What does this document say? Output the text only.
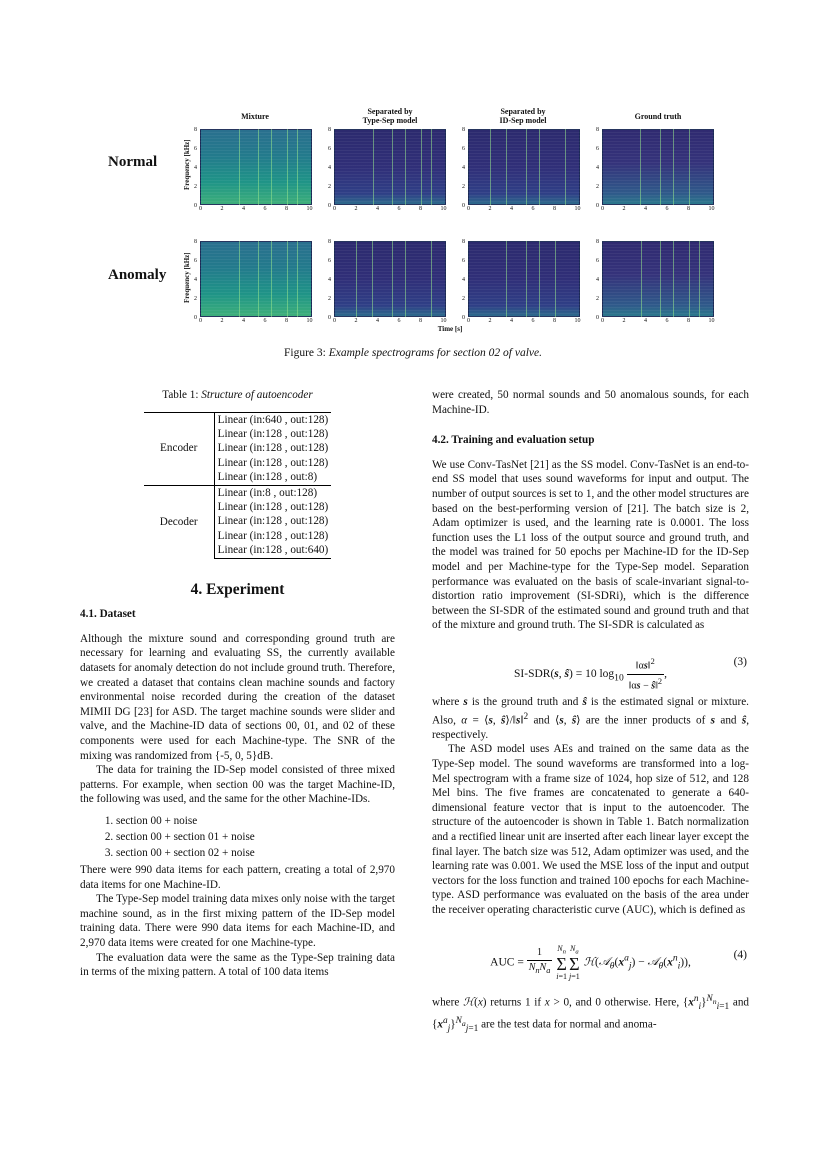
Mixture
Separated by
Type-Sep model
Separated by
ID-Sep model	Ground truth
Normal
Anomaly
Frequency [kHz]
Frequency [kHz]
8
6
4
2
0 0	2	4	6	8	10
8
6
4
2
0 0	2	4	6	8	10
8
6
4
2
0 0	2	4	6	8	10
8
6
4
2
0 0	2	4	6	8	10
8
6
4
2
0 0	2	4	6	8	10
8
6
4
2
0 0	2	4	6	8	10
8
6
4
2
0 0	2	4	6	8	10
8
6
4
2
0 0	2	4	6	8	10
Time [s]
Figure 3: Example spectrograms for section 02 of valve.
Table 1: Structure of autoencoder
Encoder	Linear (in:640 , out:128)
	Linear (in:128 , out:128)
	Linear (in:128 , out:128)
	Linear (in:128 , out:128)
	Linear (in:128 , out:8)
Decoder	Linear (in:8 , out:128)
	Linear (in:128 , out:128)
	Linear (in:128 , out:128)
	Linear (in:128 , out:128)
	Linear (in:128 , out:640)
4. Experiment
4.1. Dataset

Although the mixture sound and corresponding ground truth are necessary for learning and evaluating SS, the currently available datasets for anomaly detection do not include ground truth. Therefore, we created a dataset that contains clean machine sounds and factory environmental noise recorded during the creation of the dataset MIMII DG [23] for ASD. The target machine sounds were slider and valve, and the Machine-ID data of sections 00, 01, and 02 of these components were used for each Machine-type. The SNR of the mixing was randomized from {-5, 0, 5}dB.

The data for training the ID-Sep model consisted of three mixed patterns. For example, when section 00 was the target Machine-ID, the following was used, and the same for the other Machine-IDs.

1. section 00 + noise
2. section 00 + section 01 + noise
3. section 00 + section 02 + noise

There were 990 data items for each pattern, creating a total of 2,970 data items for one Machine-ID.

The Type-Sep model training data mixes only noise with the target machine sound, as in the first mixing pattern of the ID-Sep model training data. There were 990 data items for each Machine-ID, and 2,970 data items were created for one Machine-type.

The evaluation data were the same as the Type-Sep training data in terms of the mixing pattern. A total of 100 data items

were created, 50 normal sounds and 50 anomalous sounds, for each Machine-ID.

4.2. Training and evaluation setup

We use Conv-TasNet [21] as the SS model. Conv-TasNet is an end-to-end SS model that uses sound waveforms for input and output. The number of output sources is set to 1, and the other model structures are based on the best-performing version of [21]. The batch size is 2, Adam optimizer is used, and the learning rate is 0.0001. The loss function uses the L1 loss of the output source and ground truth, and the model was trained for 50 epochs per Machine-ID for the ID-Sep model and per Machine-type for the Type-Sep model. Separation performance was evaluated on the basis of scale-invariant signal-to-distortion ratio improvement (SI-SDRi), which is the difference between the SI-SDR of the estimated sound and ground truth and that of the mixture and ground truth. The SI-SDR is calculated as

SI-SDR(s, ŝ) = 10 $\log_{10} \frac{‖\alpha s‖^2}{‖\alpha s - ŝ‖^2}$ ,
(3)

where s is the ground truth and ŝ is the estimated signal or mixture. Also, α = ⟨s, ŝ⟩/‖s‖$^2$ and ⟨s, ŝ⟩ are the inner products of s and ŝ, respectively.

The ASD model uses AEs and trained on the same data as the Type-Sep model. The sound waveforms are transformed into a log-Mel spectrogram with a frame size of 1024, hop size of 512, and 128 Mel bins. The five frames are concatenated to generate a 640-dimensional feature vector that is input to the autoencoder. The structure of the autoencoder is shown in Table 1. Batch normalization and a rectified linear unit are inserted after each linear layer except the final layer. The batch size was 512, Adam optimizer was used, and the learning rate was 0.001. We used the MSE loss of the input and output vectors for the loss function and trained 100 epochs for each Machine-type. ASD performance was evaluated on the basis of the area under the receiver operating characteristic curve (AUC), which is defined as

AUC = $\frac{1}{N_nN_a} N_n$
Σ
$i=1N_a$
Σ
j=1 $ℋ(𝒜_\theta(x^a_j)$ − $𝒜_\theta(x^n_i)$),
(4)

where ℋ(x) returns 1 if x > 0, and 0 otherwise. Here, $\{x^n_i\}^{N_n}_{i=1}$ and $\{x^a_j\}^{N_a}_{j=1}$ are the test data for normal and anoma-
